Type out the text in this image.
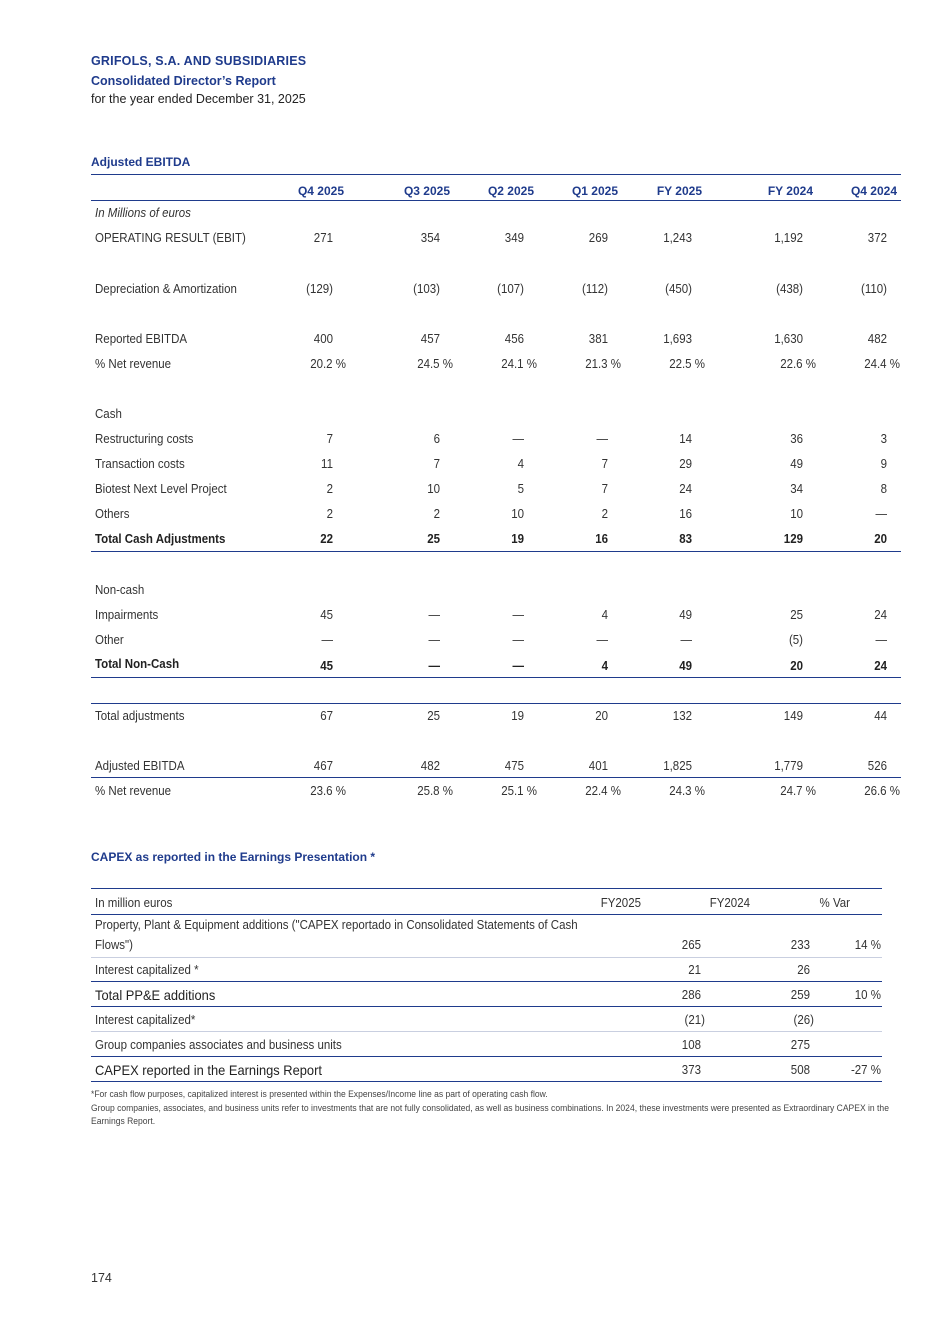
GRIFOLS, S.A. AND SUBSIDIARIES
Consolidated Director’s Report
for the year ended December 31, 2025
Adjusted EBITDA
Q4 2025	Q3 2025	Q2 2025	Q1 2025	FY 2025	FY 2024	Q4 2024
In Millions of euros
OPERATING RESULT (EBIT)	271	354	349	269	1,243	1,192	372
Depreciation & Amortization	(129)	(103)	(107)	(112)	(450)	(438)	(110)
Reported EBITDA	400	457	456	381	1,693	1,630	482
% Net revenue	20.2 %	24.5 %	24.1 %	21.3 %	22.5 %	22.6 %	24.4 %
Cash
Restructuring costs	7	6	—	—	14	36	3
Transaction costs	11	7	4	7	29	49	9
Biotest Next Level Project	2	10	5	7	24	34	8
Others	2	2	10	2	16	10	—
Total Cash Adjustments	22	25	19	16	83	129	20
Non-cash
Impairments	45	—	—	4	49	25	24
Other	—	—	—	—	—	(5)	—
Total Non-Cash	45	—	—	4	49	20	24
Total adjustments	67	25	19	20	132	149	44
Adjusted EBITDA	467	482	475	401	1,825	1,779	526
% Net revenue	23.6 %	25.8 %	25.1 %	22.4 %	24.3 %	24.7 %	26.6 %
CAPEX as reported in the Earnings Presentation *
In million euros	FY2025	FY2024	% Var
Property, Plant & Equipment additions ("CAPEX reportado in Consolidated Statements of Cash
Flows")	265	233	14 %
Interest capitalized *	21	26
Total PP&E additions	286	259	10 %
Interest capitalized*	(21)	(26)
Group companies associates and business units	108	275
CAPEX reported in the Earnings Report	373	508	-27 %
*For cash flow purposes, capitalized interest is presented within the Expenses/Income line as part of operating cash flow.
Group companies, associates, and business units refer to investments that are not fully consolidated, as well as business combinations. In 2024, these investments were presented as Extraordinary CAPEX in the Earnings Report.
174
